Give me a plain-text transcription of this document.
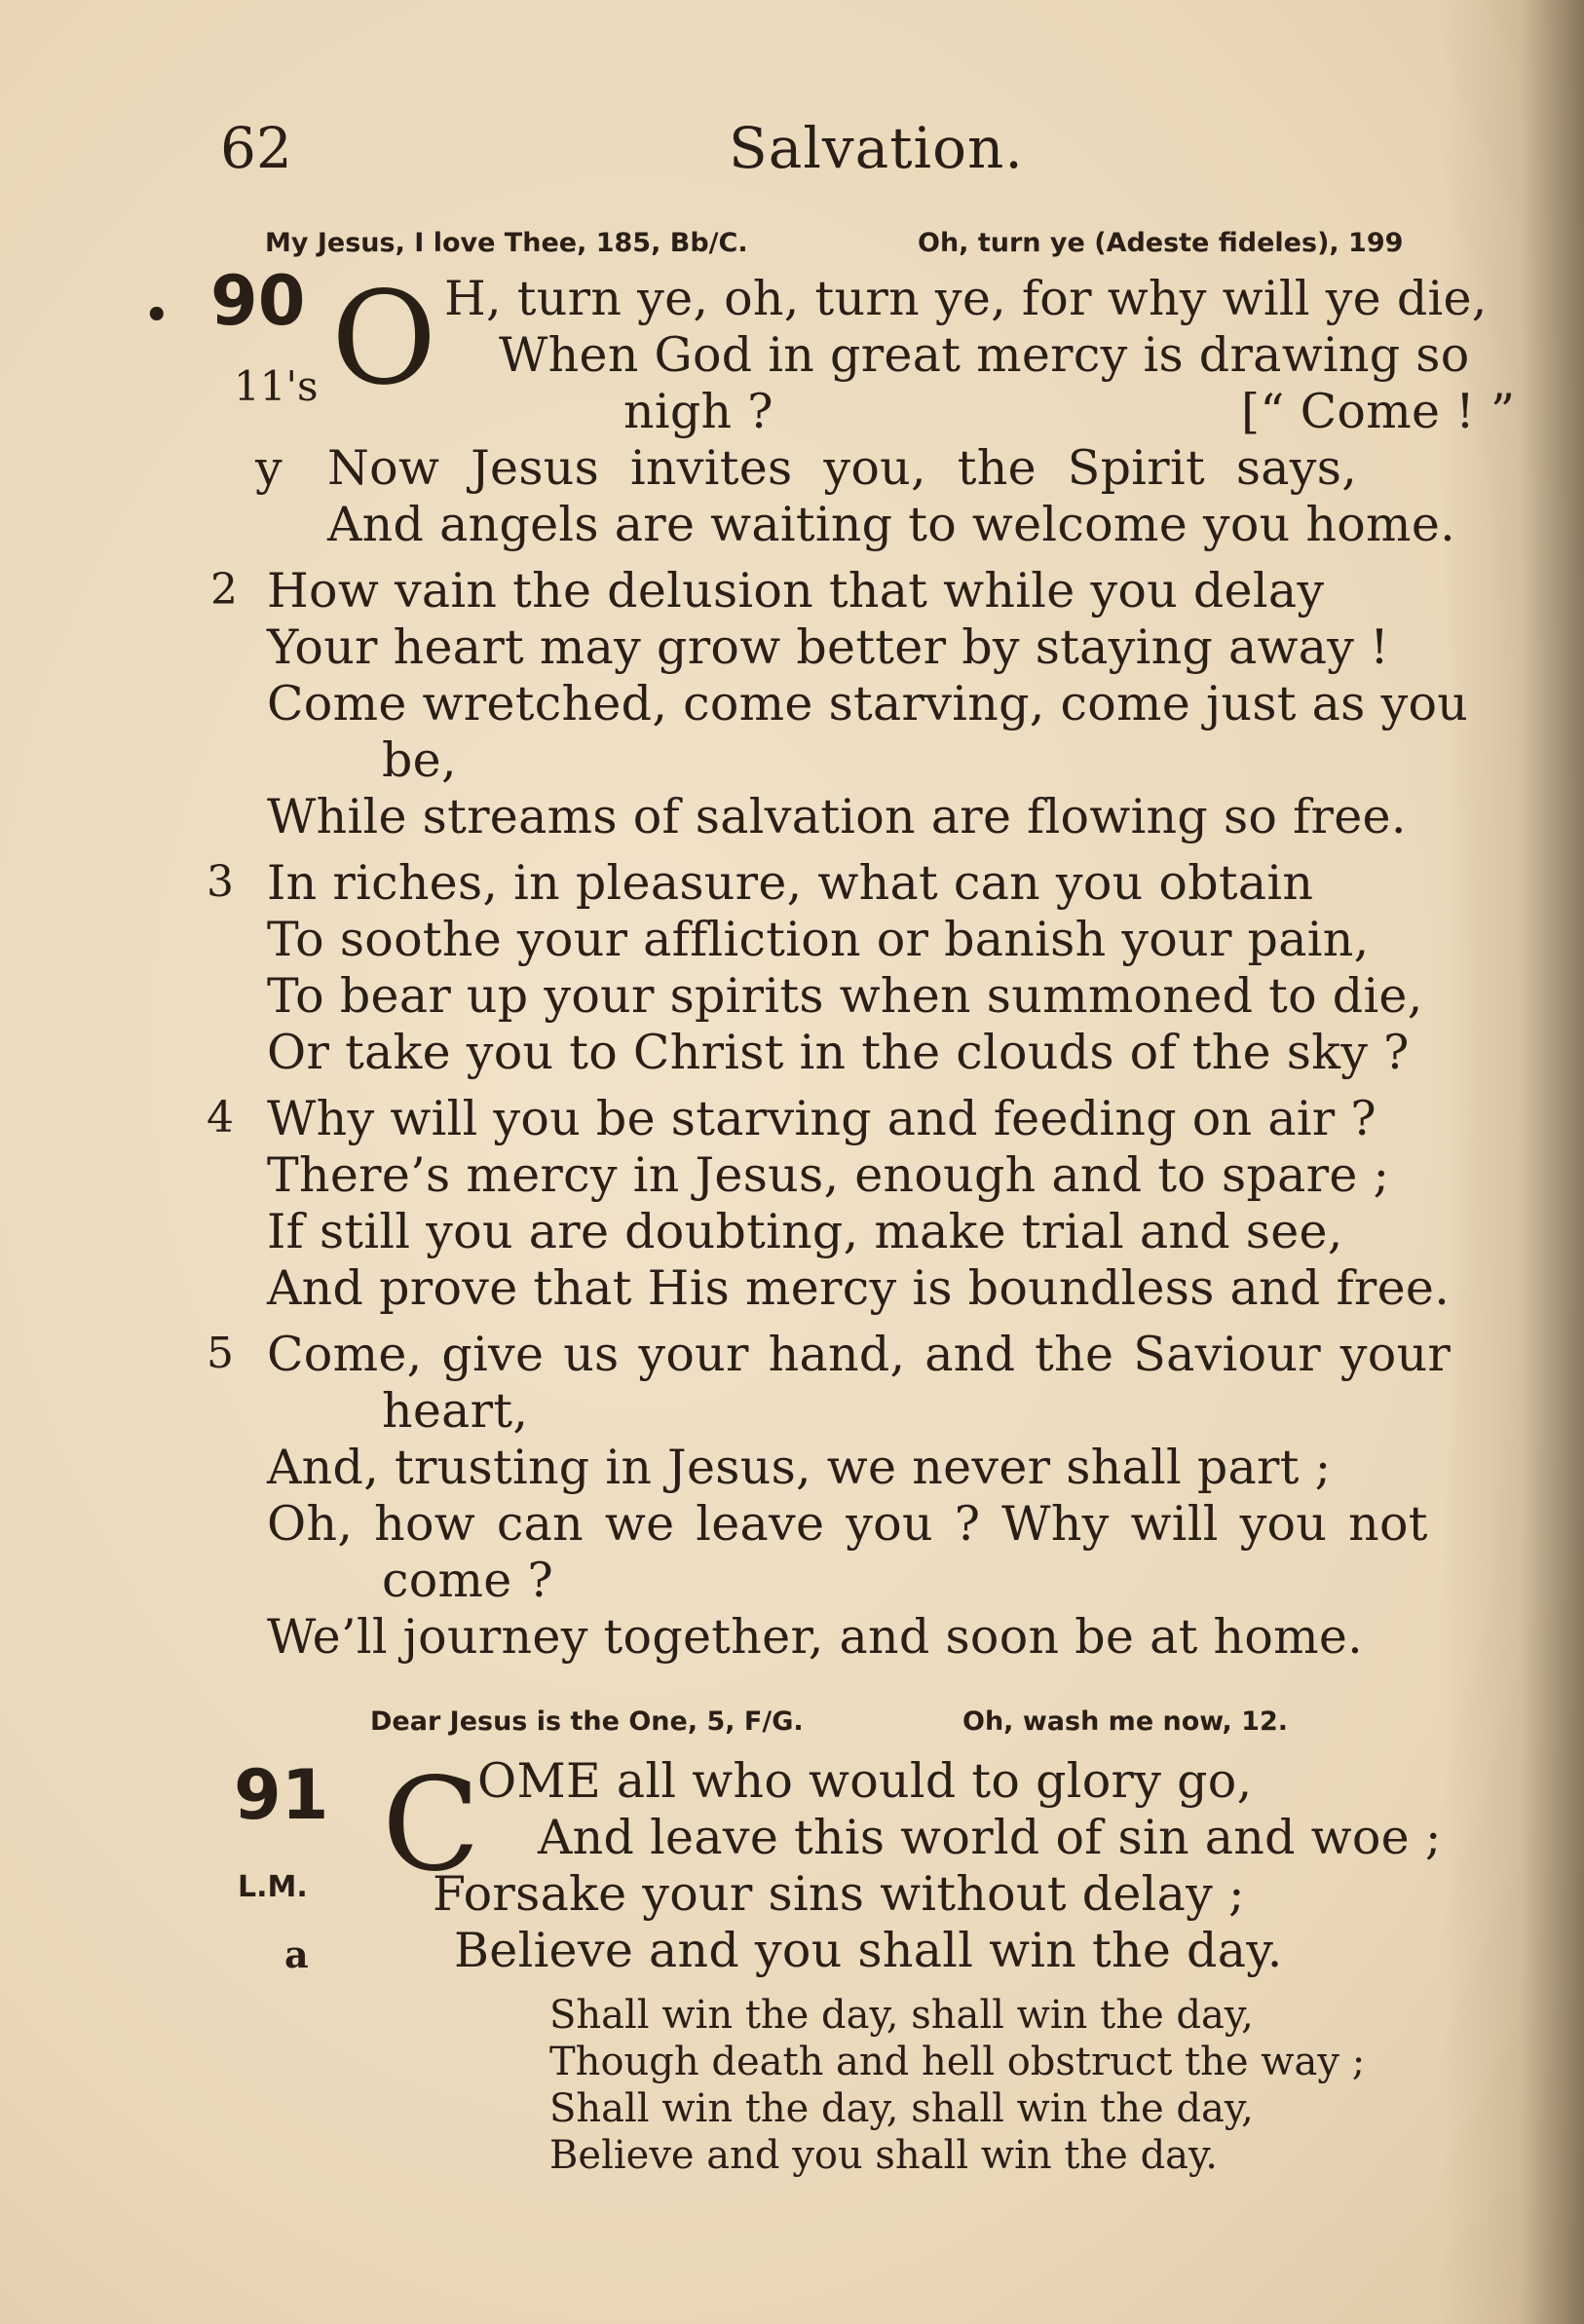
62	Salvation.
My Jesus, I love Thee, 185, Bb/C.	Oh, turn ye (Adeste fideles), 199
• 90
11's O H, turn ye, oh, turn ye, for why will ye die,
When God in great mercy is drawing so
nigh ?	[“ Come ! ”
y Now Jesus invites you, the Spirit says,
And angels are waiting to welcome you home.
2 How vain the delusion that while you delay
Your heart may grow better by staying away !
Come wretched, come starving, come just as you
be,
While streams of salvation are flowing so free.
3 In riches, in pleasure, what can you obtain
To soothe your affliction or banish your pain,
To bear up your spirits when summoned to die,
Or take you to Christ in the clouds of the sky ?
4 Why will you be starving and feeding on air ?
There’s mercy in Jesus, enough and to spare ;
If still you are doubting, make trial and see,
And prove that His mercy is boundless and free.
5 Come, give us your hand, and the Saviour your
heart,
And, trusting in Jesus, we never shall part ;
Oh, how can we leave you ? Why will you not
come ?
We’ll journey together, and soon be at home.
Dear Jesus is the One, 5, F/G.	Oh, wash me now, 12.
91
L.M.
a
C
OME all who would to glory go,
And leave this world of sin and woe ;
Forsake your sins without delay ;
Believe and you shall win the day.
Shall win the day, shall win the day,
Though death and hell obstruct the way ;
Shall win the day, shall win the day,
Believe and you shall win the day.
